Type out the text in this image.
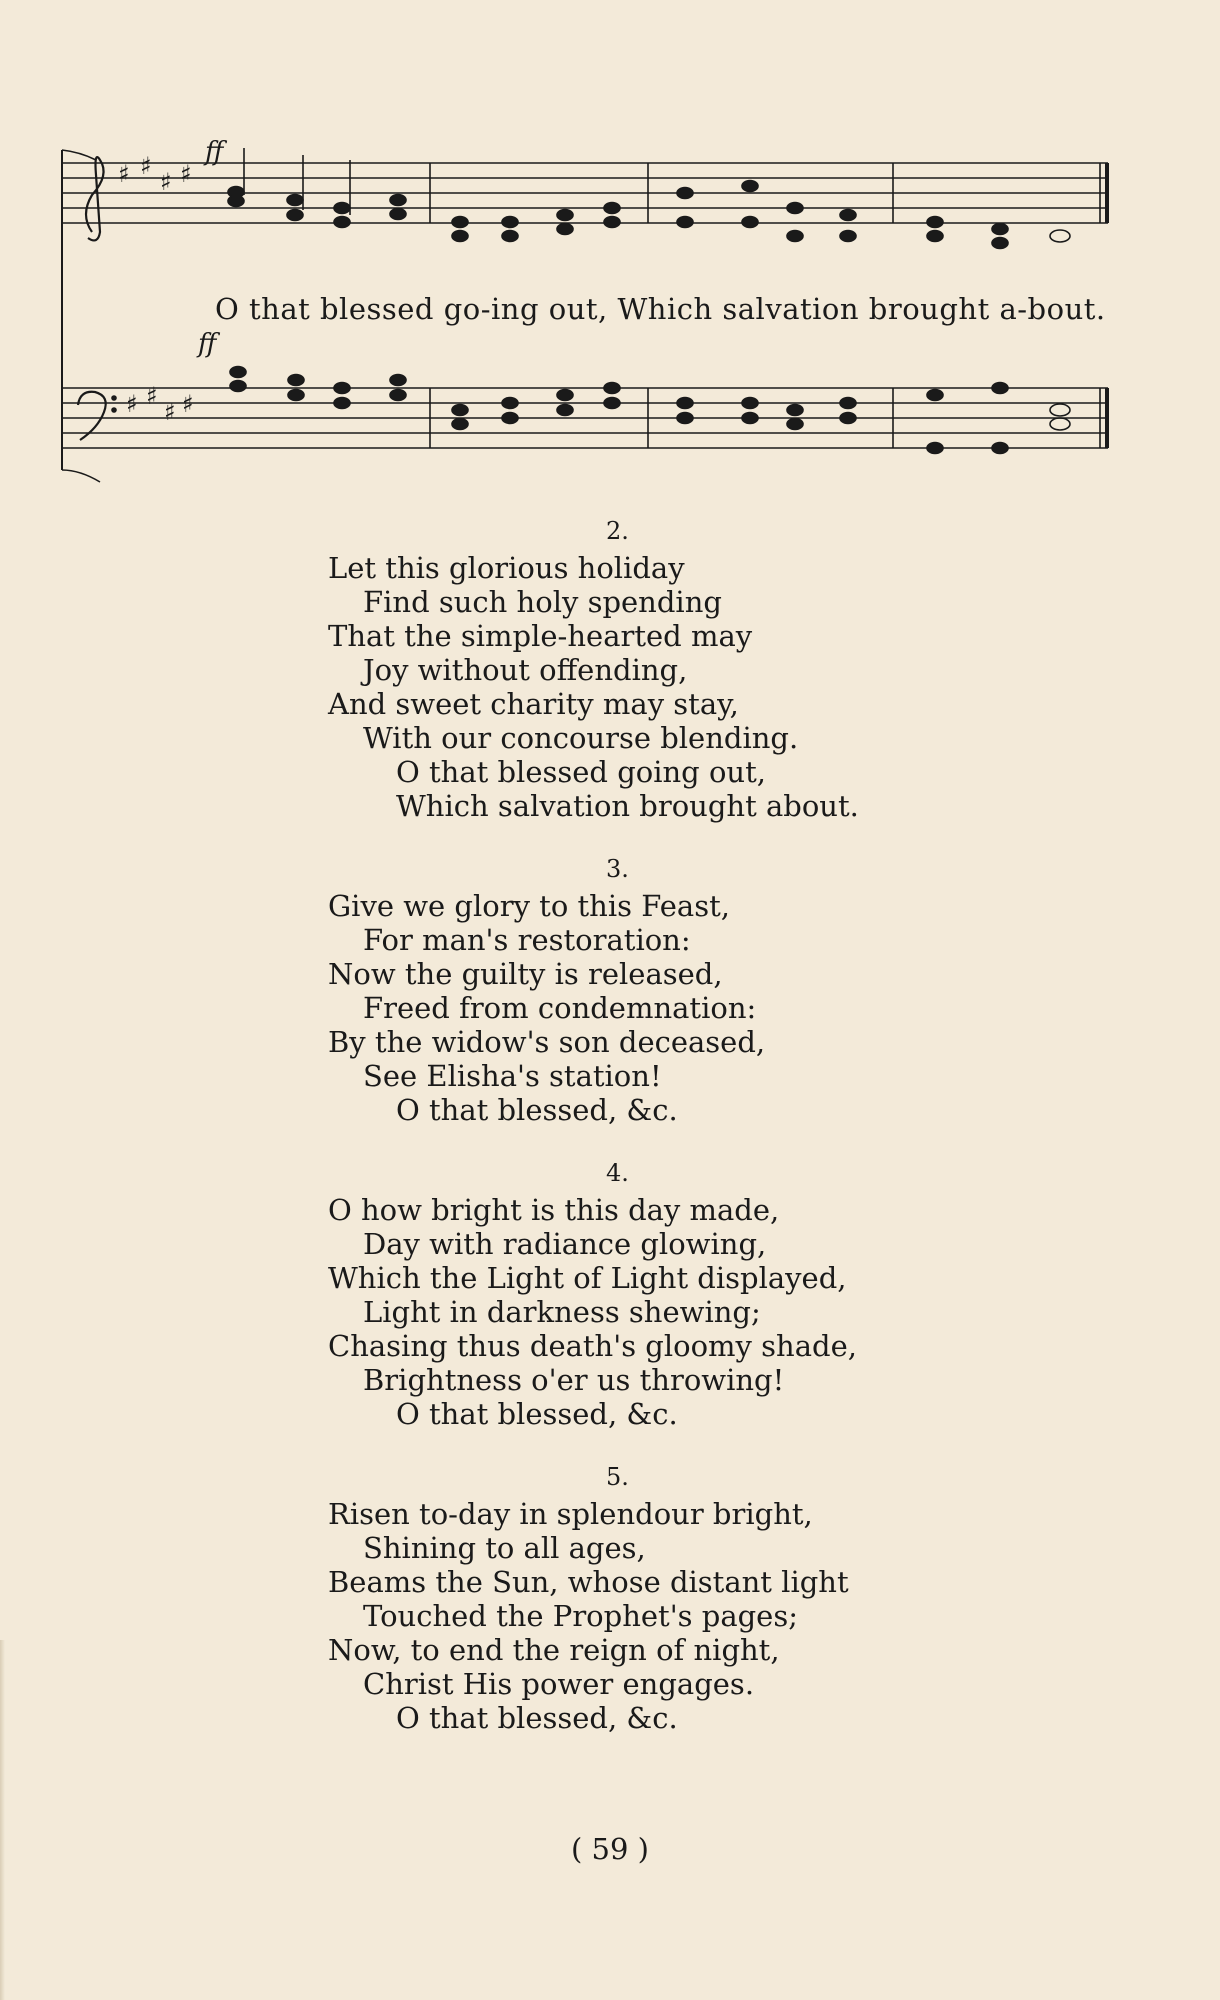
♯ ♯
♯ ♯
♯ ♯
♯ ♯
ff
ff
O that blessed go-ing out, Which salvation brought a-bout.
2.
Let this glorious holiday
Find such holy spending
That the simple-hearted may
Joy without offending,
And sweet charity may stay,
With our concourse blending.
O that blessed going out,
Which salvation brought about.
3.
Give we glory to this Feast,
For man's restoration:
Now the guilty is released,
Freed from condemnation:
By the widow's son deceased,
See Elisha's station!
O that blessed, &c.
4.
O how bright is this day made,
Day with radiance glowing,
Which the Light of Light displayed,
Light in darkness shewing;
Chasing thus death's gloomy shade,
Brightness o'er us throwing!
O that blessed, &c.
5.
Risen to-day in splendour bright,
Shining to all ages,
Beams the Sun, whose distant light
Touched the Prophet's pages;
Now, to end the reign of night,
Christ His power engages.
O that blessed, &c.
( 59 )
